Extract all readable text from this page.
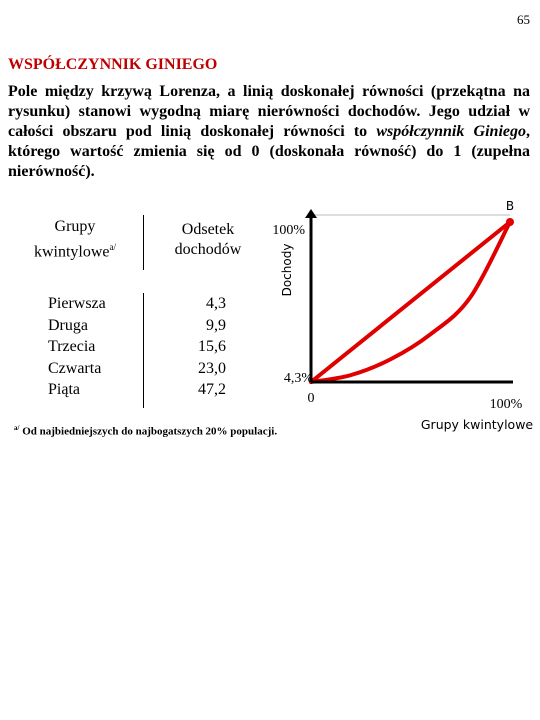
65
WSPÓŁCZYNNIK GINIEGO
Pole między krzywą Lorenza, a linią doskonałej równości (przekątna na rysunku) stanowi wygodną miarę nierówności dochodów. Jego udział w całości obszaru pod linią doskonałej równości to współczynnik Giniego, którego wartość zmienia się od 0 (doskonała równość) do 1 (zupełna nierówność).
Grupy kwintylowe$^{a/}$
Odsetek dochodów
Pierwsza
Druga
Trzecia
Czwarta
Piąta
4,3
9,9
15,6
23,0
47,2
$^{a/}$ Od najbiedniejszych do najbogatszych 20% populacji.
100%
Dochody
4,3%
0	100%
Grupy kwintylowe
B
